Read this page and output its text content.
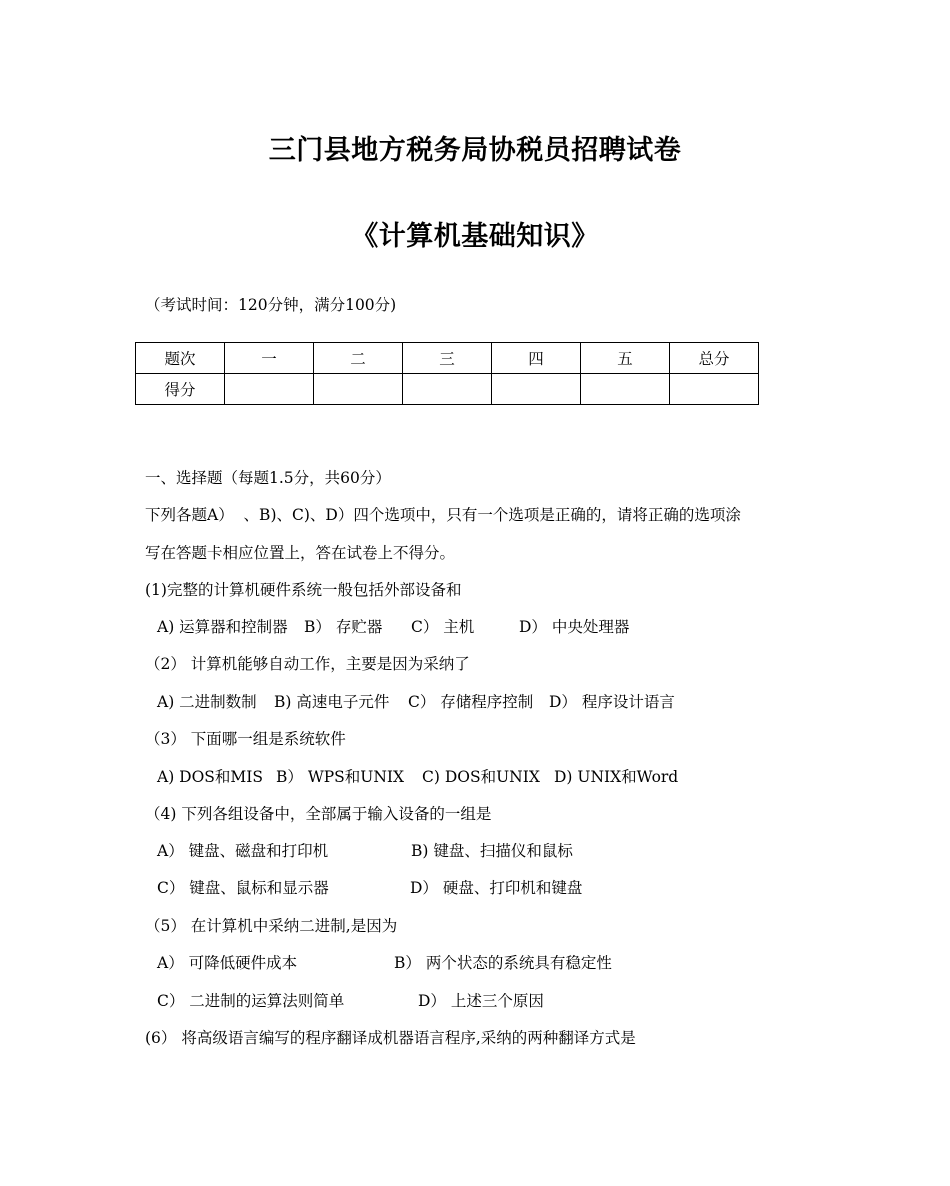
三门县地方税务局协税员招聘试卷
《计算机基础知识》
（考试时间：120分钟，满分100分)
题次	一	二	三	四	五	总分
得分						
一、选择题（每题1.5分，共60分）
下列各题A）  、B)、C)、D）四个选项中，只有一个选项是正确的，请将正确的选项涂
写在答题卡相应位置上，答在试卷上不得分。
(1)完整的计算机硬件系统一般包括外部设备和
A) 运算器和控制器 B） 存贮器 C） 主机	D） 中央处理器
（2） 计算机能够自动工作，主要是因为采纳了
A) 二进制数制 B) 高速电子元件 C） 存储程序控制 D） 程序设计语言
（3） 下面哪一组是系统软件
A) DOS和MIS B） WPS和UNIX C) DOS和UNIX D) UNIX和Word
（4) 下列各组设备中，全部属于输入设备的一组是
A） 键盘、磁盘和打印机	B) 键盘、扫描仪和鼠标
C） 键盘、鼠标和显示器	D） 硬盘、打印机和键盘
（5） 在计算机中采纳二进制,是因为
A） 可降低硬件成本	B） 两个状态的系统具有稳定性
C） 二进制的运算法则简单	D） 上述三个原因
(6） 将高级语言编写的程序翻译成机器语言程序,采纳的两种翻译方式是
